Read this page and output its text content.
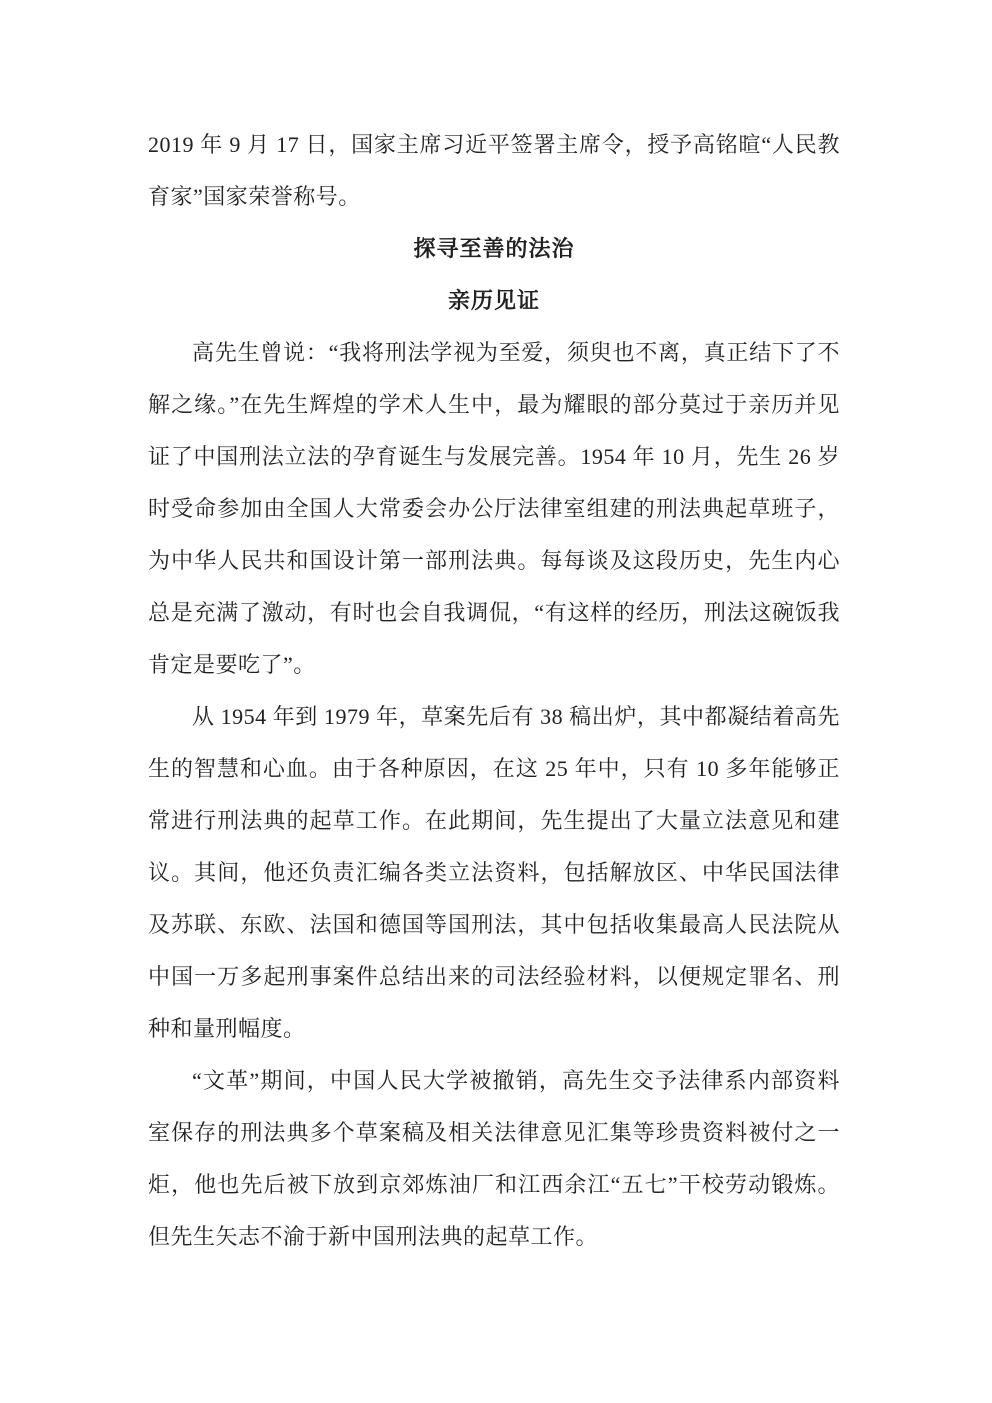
2019 年 9 月 17 日，国家主席习近平签署主席令，授予高铭暄“人民教育家”国家荣誉称号。

探寻至善的法治
亲历见证

高先生曾说：“我将刑法学视为至爱，须臾也不离，真正结下了不解之缘。”在先生辉煌的学术人生中，最为耀眼的部分莫过于亲历并见证了中国刑法立法的孕育诞生与发展完善。1954 年 10 月，先生 26 岁时受命参加由全国人大常委会办公厅法律室组建的刑法典起草班子，为中华人民共和国设计第一部刑法典。每每谈及这段历史，先生内心总是充满了激动，有时也会自我调侃，“有这样的经历，刑法这碗饭我肯定是要吃了”。

从 1954 年到 1979 年，草案先后有 38 稿出炉，其中都凝结着高先生的智慧和心血。由于各种原因，在这 25 年中，只有 10 多年能够正常进行刑法典的起草工作。在此期间，先生提出了大量立法意见和建议。其间，他还负责汇编各类立法资料，包括解放区、中华民国法律及苏联、东欧、法国和德国等国刑法，其中包括收集最高人民法院从中国一万多起刑事案件总结出来的司法经验材料，以便规定罪名、刑种和量刑幅度。

“文革”期间，中国人民大学被撤销，高先生交予法律系内部资料室保存的刑法典多个草案稿及相关法律意见汇集等珍贵资料被付之一炬，他也先后被下放到京郊炼油厂和江西余江“五七”干校劳动锻炼。但先生矢志不渝于新中国刑法典的起草工作。
